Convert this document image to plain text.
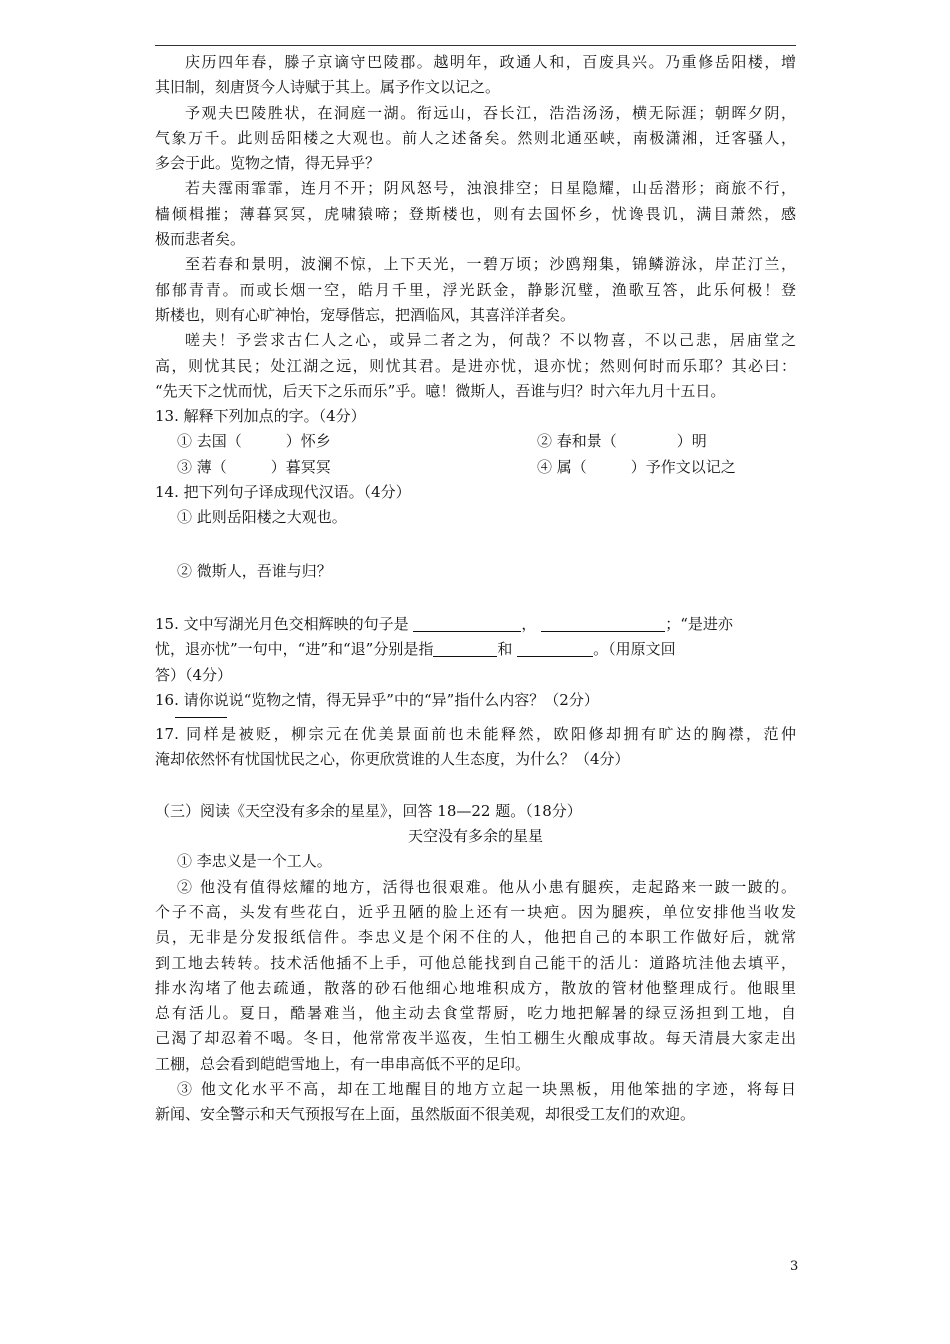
庆历四年春，滕子京谪守巴陵郡。越明年，政通人和，百废具兴。乃重修岳阳楼，增
其旧制，刻唐贤今人诗赋于其上。属予作文以记之。
予观夫巴陵胜状，在洞庭一湖。衔远山，吞长江，浩浩汤汤，横无际涯；朝晖夕阴，
气象万千。此则岳阳楼之大观也。前人之述备矣。然则北通巫峡，南极潇湘，迁客骚人，
多会于此。览物之情，得无异乎？
若夫霪雨霏霏，连月不开；阴风怒号，浊浪排空；日星隐耀，山岳潜形；商旅不行，
樯倾楫摧；薄暮冥冥，虎啸猿啼；登斯楼也，则有去国怀乡，忧谗畏讥，满目萧然，感
极而悲者矣。
至若春和景明，波澜不惊，上下天光，一碧万顷；沙鸥翔集，锦鳞游泳，岸芷汀兰，
郁郁青青。而或长烟一空，皓月千里，浮光跃金，静影沉璧，渔歌互答，此乐何极！登
斯楼也，则有心旷神怡，宠辱偕忘，把酒临风，其喜洋洋者矣。
嗟夫！予尝求古仁人之心，或异二者之为，何哉？不以物喜，不以己悲，居庙堂之
高，则忧其民；处江湖之远，则忧其君。是进亦忧，退亦忧；然则何时而乐耶？其必曰：
“先天下之忧而忧，后天下之乐而乐”乎。噫！微斯人，吾谁与归？时六年九月十五日。
13. 解释下列加点的字。（4分）
① 去国（	）怀乡	② 春和景（	）明
③ 薄（	）暮冥冥	④ 属（	）予作文以记之
14. 把下列句子译成现代汉语。（4分）
① 此则岳阳楼之大观也。
② 微斯人，吾谁与归？
15. 文中写湖光月色交相辉映的句子是	，	；“是进亦
忧，退亦忧”一句中，“进”和“退”分别是指	和	。（用原文回
答）（4分）
16. 请你说说“览物之情，得无异乎”中的“异”指什么内容？（2分）
17. 同样是被贬，柳宗元在优美景面前也未能释然，欧阳修却拥有旷达的胸襟，范仲
淹却依然怀有忧国忧民之心，你更欣赏谁的人生态度，为什么？（4分）
（三）阅读《天空没有多余的星星》，回答 18—22 题。（18分）
天空没有多余的星星
① 李忠义是一个工人。
② 他没有值得炫耀的地方，活得也很艰难。他从小患有腿疾，走起路来一跛一跛的。
个子不高，头发有些花白，近乎丑陋的脸上还有一块疤。因为腿疾，单位安排他当收发
员，无非是分发报纸信件。李忠义是个闲不住的人，他把自己的本职工作做好后，就常
到工地去转转。技术活他插不上手，可他总能找到自己能干的活儿：道路坑洼他去填平，
排水沟堵了他去疏通，散落的砂石他细心地堆积成方，散放的管材他整理成行。他眼里
总有活儿。夏日，酷暑难当，他主动去食堂帮厨，吃力地把解暑的绿豆汤担到工地，自
己渴了却忍着不喝。冬日，他常常夜半巡夜，生怕工棚生火酿成事故。每天清晨大家走出
工棚，总会看到皑皑雪地上，有一串串高低不平的足印。
③ 他文化水平不高，却在工地醒目的地方立起一块黑板，用他笨拙的字迹，将每日
新闻、安全警示和天气预报写在上面，虽然版面不很美观，却很受工友们的欢迎。
3
